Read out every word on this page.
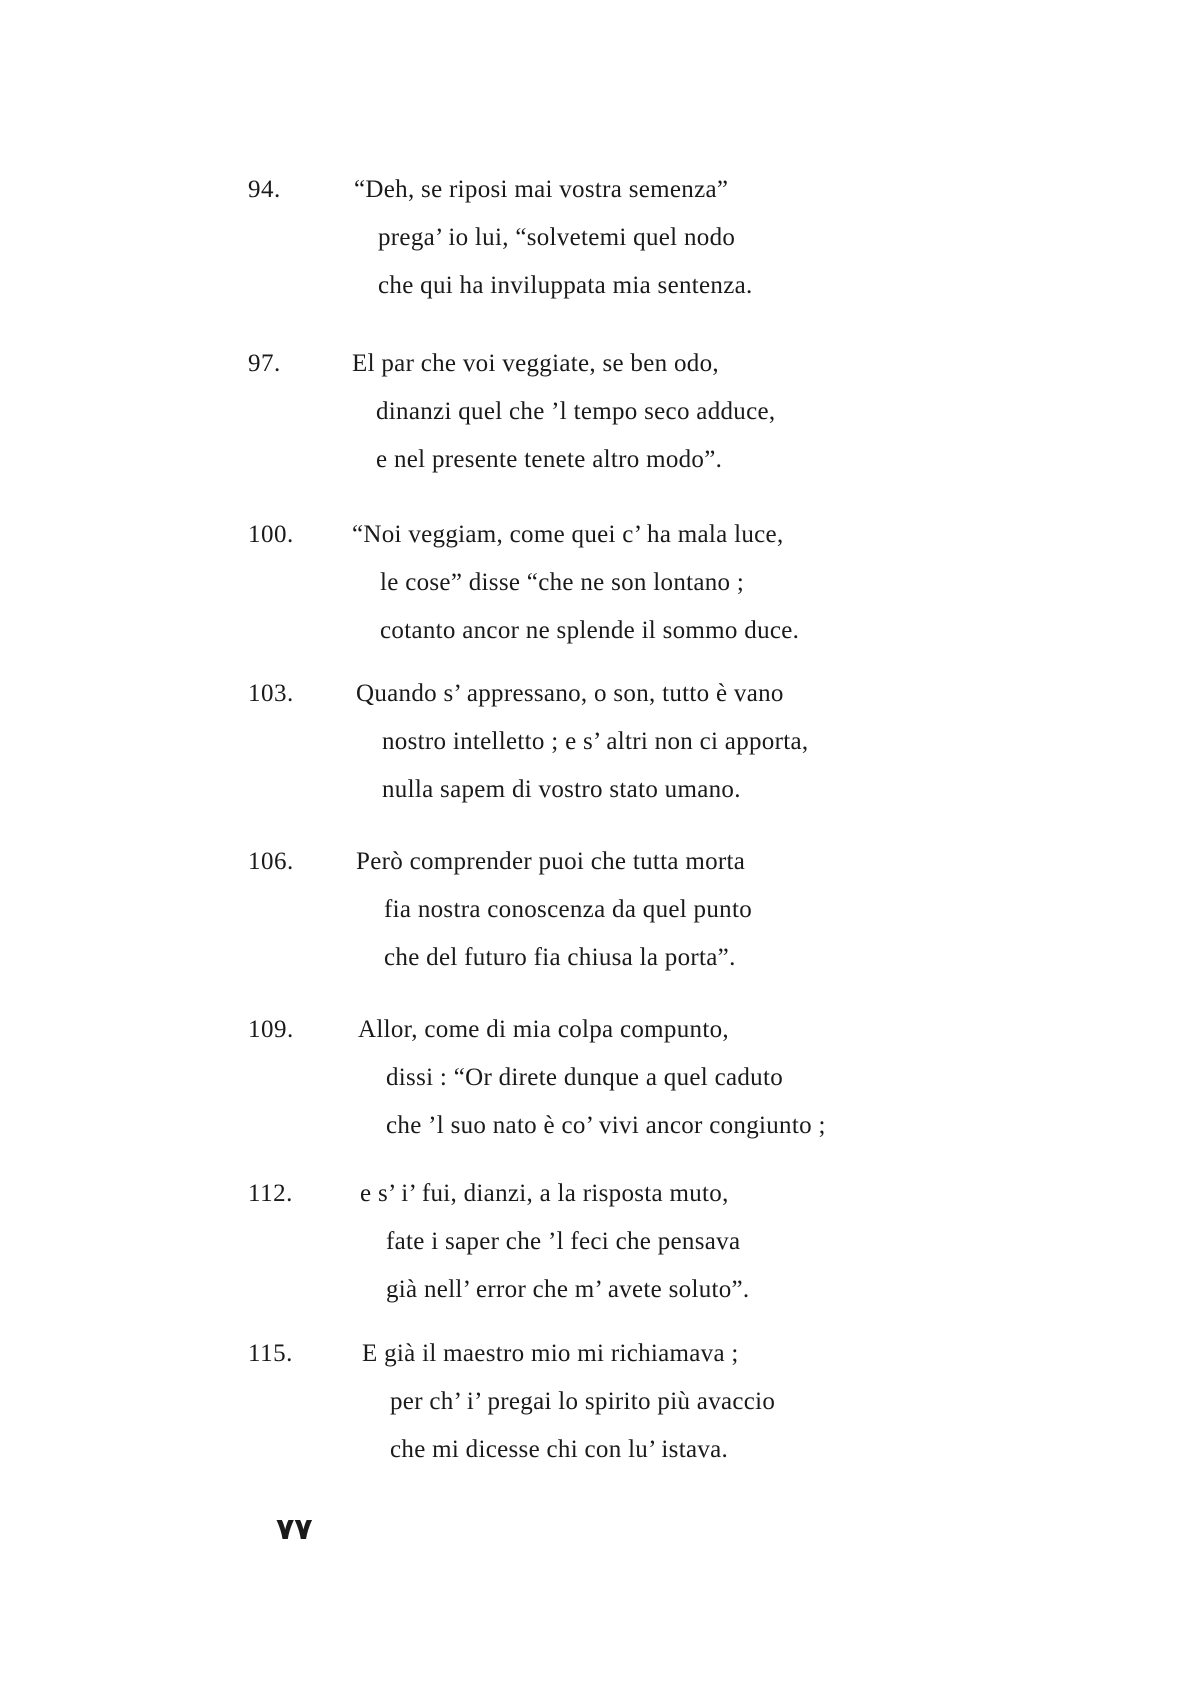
94.	“Deh, se riposi mai vostra semenza”
prega’ io lui, “solvetemi quel nodo
che qui ha inviluppata mia sentenza.
97.	El par che voi veggiate, se ben odo,
dinanzi quel che ’l tempo seco adduce,
e nel presente tenete altro modo”.
100. “Noi veggiam, come quei c’ ha mala luce,
le cose” disse “che ne son lontano ;
cotanto ancor ne splende il sommo duce.
103. Quando s’ appressano, o son, tutto è vano
nostro intelletto ; e s’ altri non ci apporta,
nulla sapem di vostro stato umano.
106. Però comprender puoi che tutta morta
fia nostra conoscenza da quel punto
che del futuro fia chiusa la porta”.
109.	Allor, come di mia colpa compunto,
dissi : “Or direte dunque a quel caduto
che ’l suo nato è co’ vivi ancor congiunto ;
112.	e s’ i’ fui, dianzi, a la risposta muto,
fate i saper che ’l feci che pensava
già nell’ error che m’ avete soluto”.
115.	E già il maestro mio mi richiamava ;
per ch’ i’ pregai lo spirito più avaccio
che mi dicesse chi con lu’ istava.
٧٧
